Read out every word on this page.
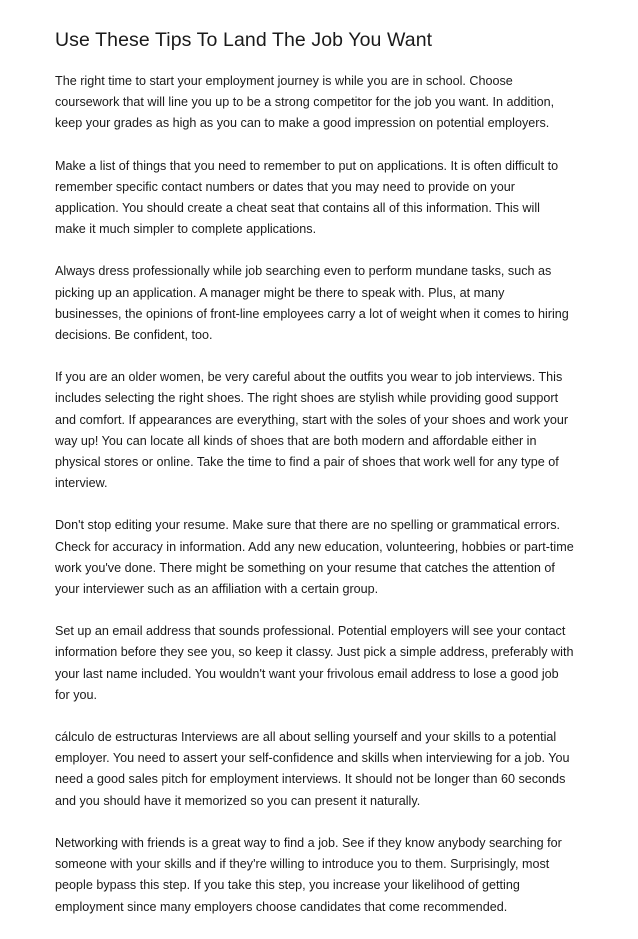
Use These Tips To Land The Job You Want

The right time to start your employment journey is while you are in school. Choose
coursework that will line you up to be a strong competitor for the job you want. In addition,
keep your grades as high as you can to make a good impression on potential employers.

Make a list of things that you need to remember to put on applications. It is often difficult to
remember specific contact numbers or dates that you may need to provide on your
application. You should create a cheat seat that contains all of this information. This will
make it much simpler to complete applications.

Always dress professionally while job searching even to perform mundane tasks, such as
picking up an application. A manager might be there to speak with. Plus, at many
businesses, the opinions of front-line employees carry a lot of weight when it comes to hiring
decisions. Be confident, too.

If you are an older women, be very careful about the outfits you wear to job interviews. This
includes selecting the right shoes. The right shoes are stylish while providing good support
and comfort. If appearances are everything, start with the soles of your shoes and work your
way up! You can locate all kinds of shoes that are both modern and affordable either in
physical stores or online. Take the time to find a pair of shoes that work well for any type of
interview.

Don't stop editing your resume. Make sure that there are no spelling or grammatical errors.
Check for accuracy in information. Add any new education, volunteering, hobbies or part-time
work you've done. There might be something on your resume that catches the attention of
your interviewer such as an affiliation with a certain group.

Set up an email address that sounds professional. Potential employers will see your contact
information before they see you, so keep it classy. Just pick a simple address, preferably with
your last name included. You wouldn't want your frivolous email address to lose a good job
for you.

cálculo de estructuras Interviews are all about selling yourself and your skills to a potential
employer. You need to assert your self-confidence and skills when interviewing for a job. You
need a good sales pitch for employment interviews. It should not be longer than 60 seconds
and you should have it memorized so you can present it naturally.

Networking with friends is a great way to find a job. See if they know anybody searching for
someone with your skills and if they're willing to introduce you to them. Surprisingly, most
people bypass this step. If you take this step, you increase your likelihood of getting
employment since many employers choose candidates that come recommended.
